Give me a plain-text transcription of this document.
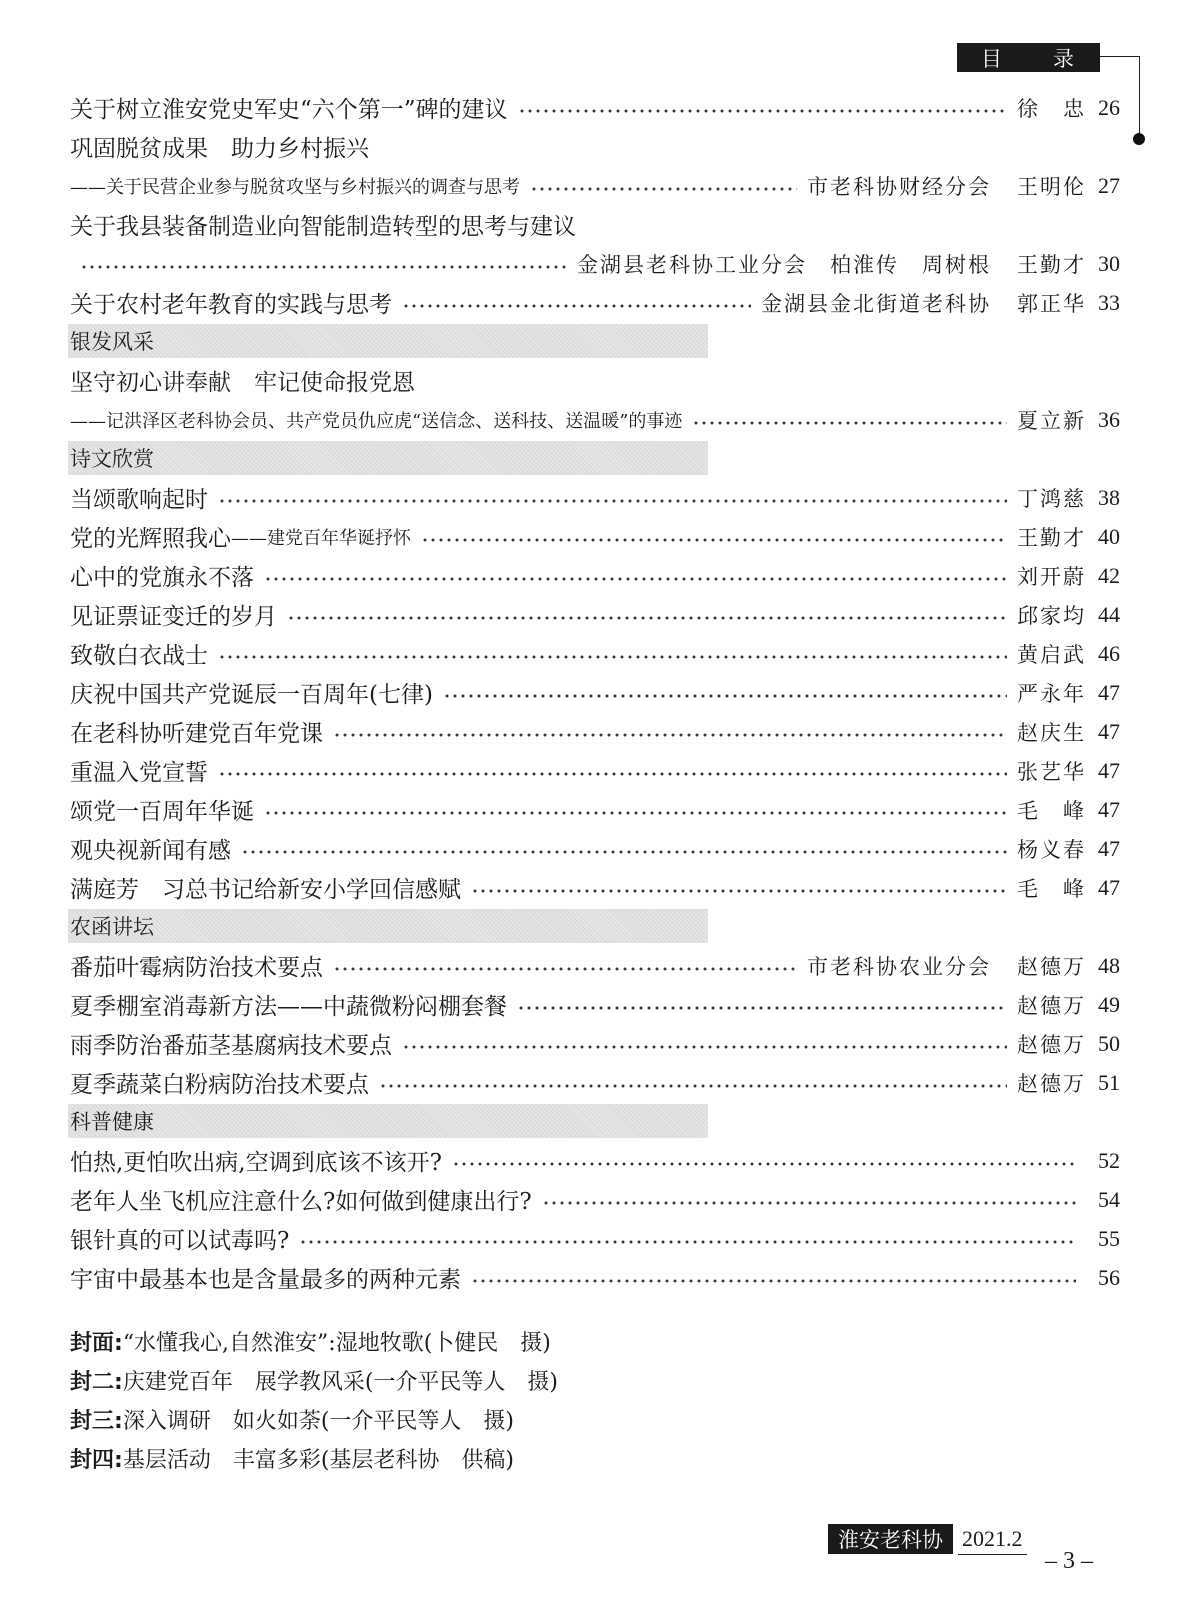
目 录
关于树立淮安党史军史“六个第一”碑的建议	徐　忠 26
巩固脱贫成果　助力乡村振兴
——关于民营企业参与脱贫攻坚与乡村振兴的调查与思考	市老科协财经分会 王明伦 27
关于我县装备制造业向智能制造转型的思考与建议
金湖县老科协工业分会　柏淮传　周树根 王勤才 30
关于农村老年教育的实践与思考	金湖县金北街道老科协 郭正华 33
银发风采
坚守初心讲奉献　牢记使命报党恩
——记洪泽区老科协会员、共产党员仇应虎“送信念、送科技、送温暖”的事迹	夏立新 36
诗文欣赏
当颂歌响起时	丁鸿慈 38
党的光辉照我心 ——建党百年华诞抒怀	王勤才 40
心中的党旗永不落	刘开蔚 42
见证票证变迁的岁月	邱家均 44
致敬白衣战士	黄启武 46
庆祝中国共产党诞辰一百周年(七律)	严永年 47
在老科协听建党百年党课	赵庆生 47
重温入党宣誓	张艺华 47
颂党一百周年华诞	毛　峰 47
观央视新闻有感	杨义春 47
满庭芳　习总书记给新安小学回信感赋	毛　峰 47
农函讲坛
番茄叶霉病防治技术要点	市老科协农业分会 赵德万 48
夏季棚室消毒新方法——中蔬微粉闷棚套餐	赵德万 49
雨季防治番茄茎基腐病技术要点	赵德万 50
夏季蔬菜白粉病防治技术要点	赵德万 51
科普健康
怕热,更怕吹出病,空调到底该不该开?	52
老年人坐飞机应注意什么?如何做到健康出行?	54
银针真的可以试毒吗?	55
宇宙中最基本也是含量最多的两种元素	56
封面: “水懂我心,自然淮安”:湿地牧歌(卜健民　摄)
封二: 庆建党百年　展学教风采(一介平民等人　摄)
封三: 深入调研　如火如荼(一介平民等人　摄)
封四: 基层活动　丰富多彩(基层老科协　供稿)
淮安老科协 2021.2
– 3 –
